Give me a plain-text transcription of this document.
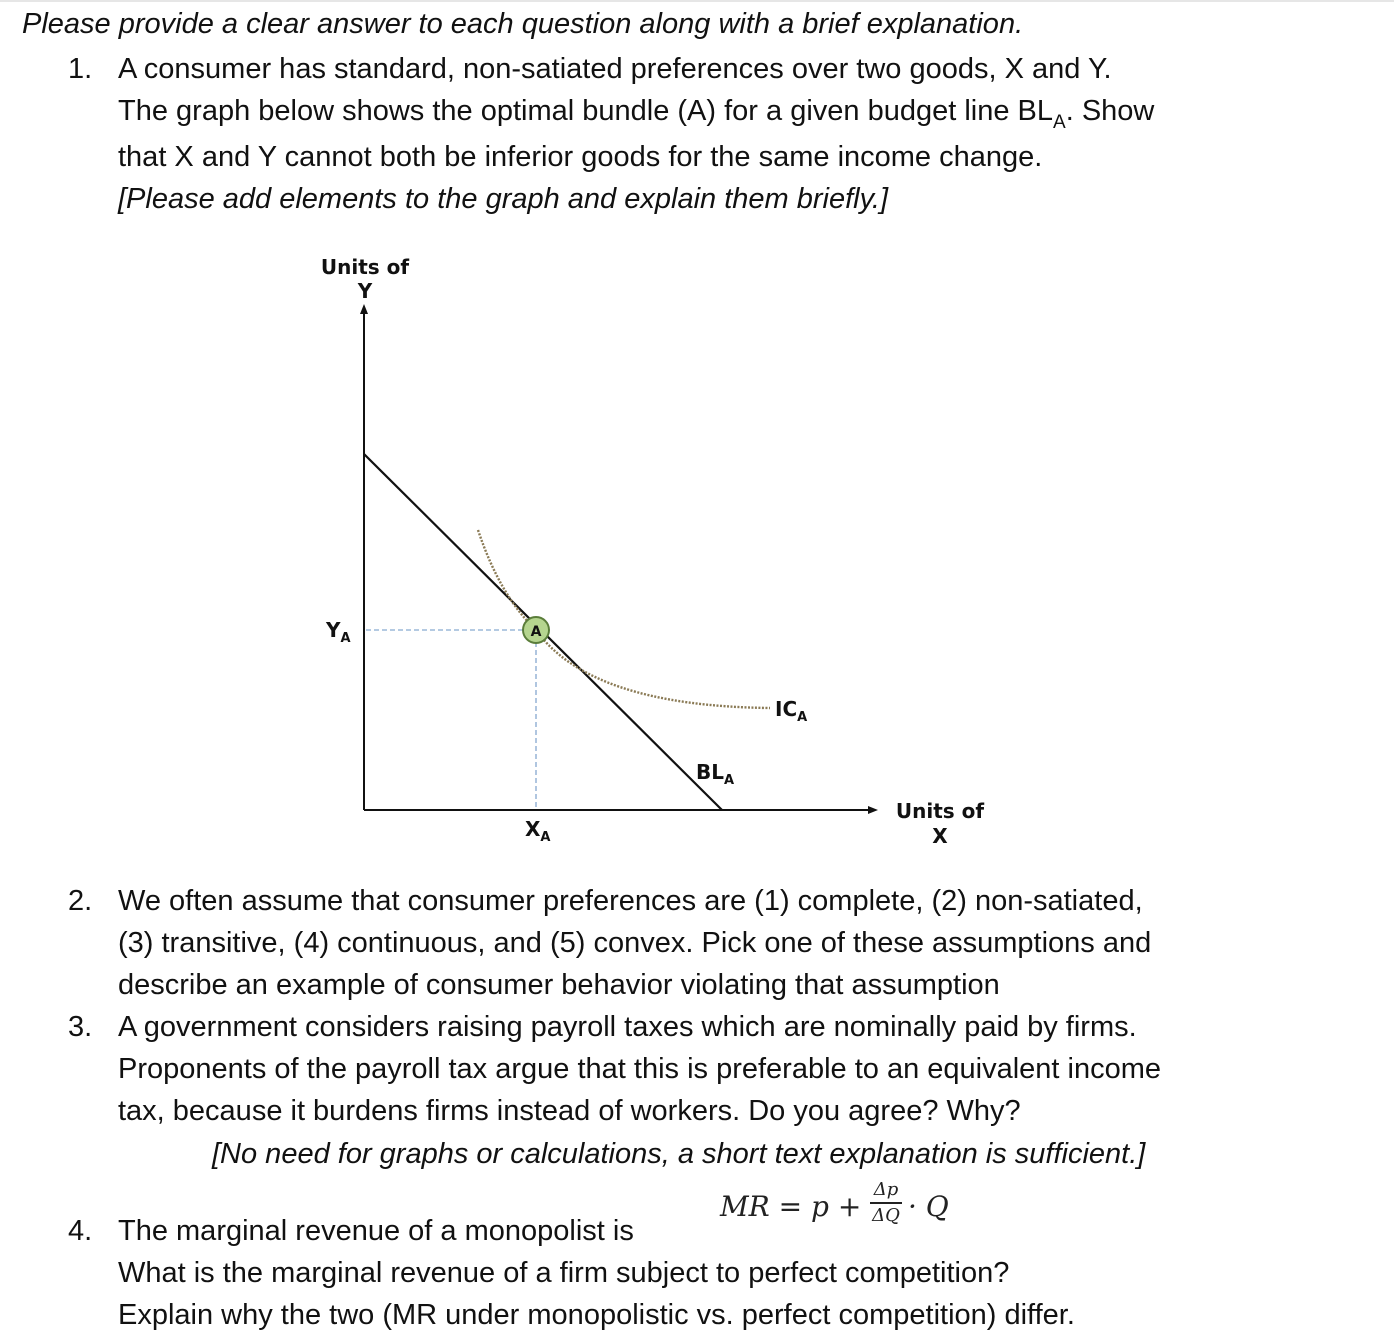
Please provide a clear answer to each question along with a brief explanation.
1. A consumer has standard, non-satiated preferences over two goods, X and Y.
The graph below shows the optimal bundle (A) for a given budget line $BL_A$. Show
that X and Y cannot both be inferior goods for the same income change.
[Please add elements to the graph and explain them briefly.]
A
Units of
Y
Units of
X
$Y_A$
$X_A$
$BL_A$
$IC_A$
2. We often assume that consumer preferences are (1) complete, (2) non-satiated,
(3) transitive, (4) continuous, and (5) convex. Pick one of these assumptions and
describe an example of consumer behavior violating that assumption
3. A government considers raising payroll taxes which are nominally paid by firms.
Proponents of the payroll tax argue that this is preferable to an equivalent income
tax, because it burdens firms instead of workers. Do you agree? Why?
[No need for graphs or calculations, a short text explanation is sufficient.]
MR = p +
Δp
ΔQ · Q
4. The marginal revenue of a monopolist is
What is the marginal revenue of a firm subject to perfect competition?
Explain why the two (MR under monopolistic vs. perfect competition) differ.
